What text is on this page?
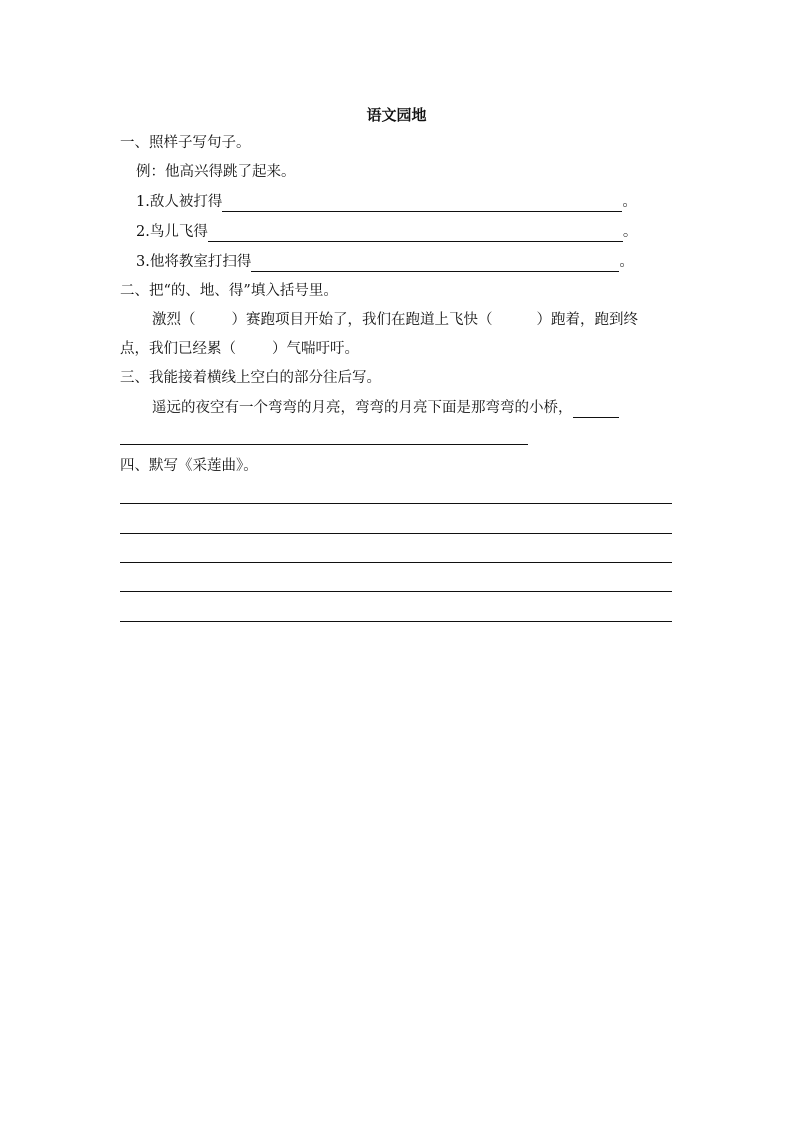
语文园地
一、照样子写句子。
例：他高兴得跳了起来。
1. 敌人被打得	。
2. 鸟儿飞得	。
3. 他将教室打扫得	。
二、把“的、地、得”填入括号里。
激烈（ ）赛跑项目开始了，我们在跑道上飞快（	）跑着，跑到终
点，我们已经累（ ）气喘吁吁。
三、我能接着横线上空白的部分往后写。
遥远的夜空有一个弯弯的月亮，弯弯的月亮下面是那弯弯的小桥，
四、默写《采莲曲》。
